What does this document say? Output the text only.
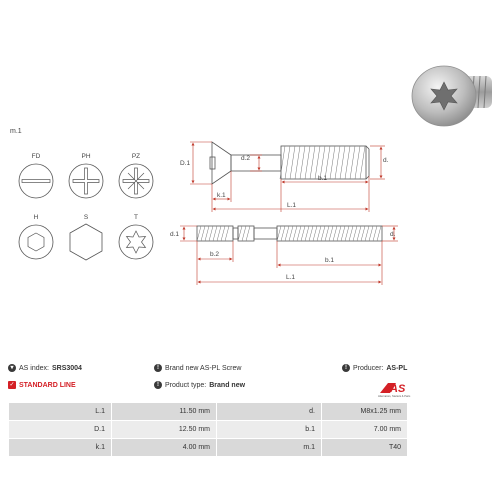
m.1
FD	PH	PZ
H	S	T
D.1
d.2	d.
b.1
k.1
L.1
d.1	d.
b.2
b.1
L.1
▾ AS index: SRS3004	! Brand new AS-PL Screw	! Producer: AS-PL
✓ STANDARD LINE	! Product type: Brand new	AS
Alternators, Starters & Parts
L.1	11.50 mm	d.	M8x1.25 mm
D.1	12.50 mm	b.1	7.00 mm
k.1	4.00 mm	m.1	T40
